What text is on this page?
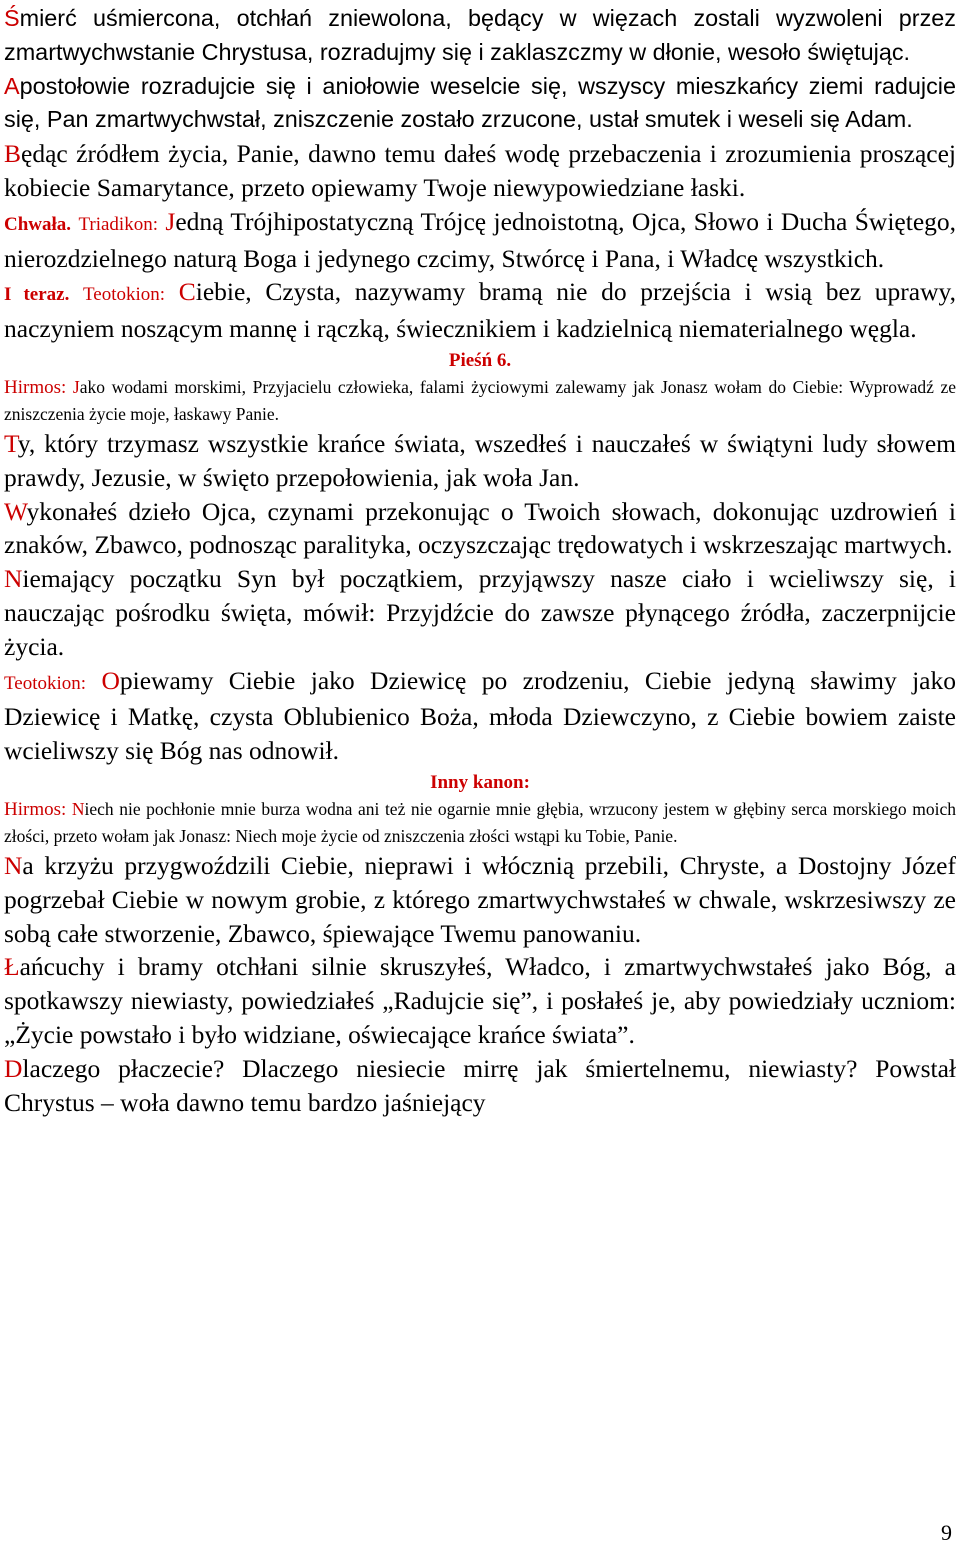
Śmierć uśmiercona, otchłań zniewolona, będący w więzach zostali wyzwoleni przez zmartwychwstanie Chrystusa, rozradujmy się i zaklaszczmy w dłonie, wesoło świętując.

Apostołowie rozradujcie się i aniołowie weselcie się, wszyscy mieszkańcy ziemi radujcie się, Pan zmartwychwstał, zniszczenie zostało zrzucone, ustał smutek i weseli się Adam.

Będąc źródłem życia, Panie, dawno temu dałeś wodę przebaczenia i zrozumienia proszącej kobiecie Samarytance, przeto opiewamy Twoje niewypowiedziane łaski.

Chwała. Triadikon: Jedną Trójhipostatyczną Trójcę jednoistotną, Ojca, Słowo i Ducha Świętego, nierozdzielnego naturą Boga i jedynego czcimy, Stwórcę i Pana, i Władcę wszystkich.

I teraz. Teotokion: Ciebie, Czysta, nazywamy bramą nie do przejścia i wsią bez uprawy, naczyniem noszącym mannę i rączką, świecznikiem i kadzielnicą niematerialnego węgla.

Pieśń 6.

Hirmos: Jako wodami morskimi, Przyjacielu człowieka, falami życiowymi zalewamy jak Jonasz wołam do Ciebie: Wyprowadź ze zniszczenia życie moje, łaskawy Panie.

Ty, który trzymasz wszystkie krańce świata, wszedłeś i nauczałeś w świątyni ludy słowem prawdy, Jezusie, w święto przepołowienia, jak woła Jan.

Wykonałeś dzieło Ojca, czynami przekonując o Twoich słowach, dokonując uzdrowień i znaków, Zbawco, podnosząc paralityka, oczyszczając trędowatych i wskrzeszając martwych.

Niemający początku Syn był początkiem, przyjąwszy nasze ciało i wcieliwszy się, i nauczając pośrodku święta, mówił: Przyjdźcie do zawsze płynącego źródła, zaczerpnijcie życia.

Teotokion: Opiewamy Ciebie jako Dziewicę po zrodzeniu, Ciebie jedyną sławimy jako Dziewicę i Matkę, czysta Oblubienico Boża, młoda Dziewczyno, z Ciebie bowiem zaiste wcieliwszy się Bóg nas odnowił.

Inny kanon:

Hirmos: Niech nie pochłonie mnie burza wodna ani też nie ogarnie mnie głębia, wrzucony jestem w głębiny serca morskiego moich złości, przeto wołam jak Jonasz: Niech moje życie od zniszczenia złości wstąpi ku Tobie, Panie.

Na krzyżu przygwoździli Ciebie, nieprawi i włócznią przebili, Chryste, a Dostojny Józef pogrzebał Ciebie w nowym grobie, z którego zmartwychwstałeś w chwale, wskrzesiwszy ze sobą całe stworzenie, Zbawco, śpiewające Twemu panowaniu.

Łańcuchy i bramy otchłani silnie skruszyłeś, Władco, i zmartwychwstałeś jako Bóg, a spotkawszy niewiasty, powiedziałeś „Radujcie się”, i posłałeś je, aby powiedziały uczniom: „Życie powstało i było widziane, oświecające krańce świata”.

Dlaczego płaczecie? Dlaczego niesiecie mirrę jak śmiertelnemu, niewiasty? Powstał Chrystus – woła dawno temu bardzo jaśniejący

9
